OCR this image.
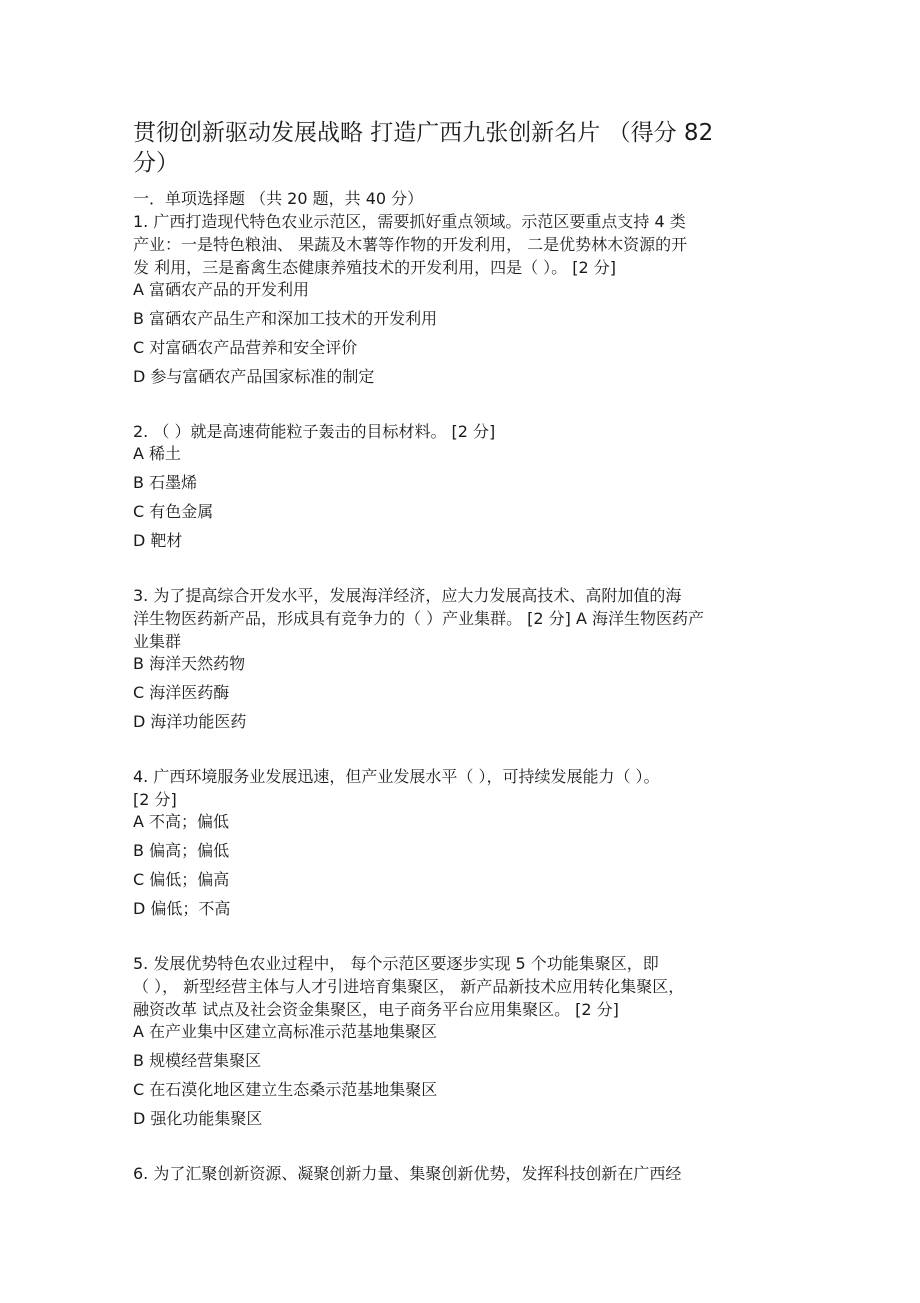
贯彻创新驱动发展战略 打造广西九张创新名片 （得分 82
分）
一．单项选择题 （共 20 题，共 40 分）
1. 广西打造现代特色农业示范区，需要抓好重点领域。示范区要重点支持 4 类
产业：一是特色粮油、 果蔬及木薯等作物的开发利用， 二是优势林木资源的开
发 利用，三是畜禽生态健康养殖技术的开发利用，四是（ ）。 [2 分]
A 富硒农产品的开发利用
B 富硒农产品生产和深加工技术的开发利用
C 对富硒农产品营养和安全评价
D 参与富硒农产品国家标准的制定
2. （ ）就是高速荷能粒子轰击的目标材料。 [2 分]
A 稀土
B 石墨烯
C 有色金属
D 靶材
3. 为了提高综合开发水平，发展海洋经济，应大力发展高技术、高附加值的海
洋生物医药新产品，形成具有竞争力的（ ）产业集群。 [2 分] A 海洋生物医药产
业集群
B 海洋天然药物
C 海洋医药酶
D 海洋功能医药
4. 广西环境服务业发展迅速，但产业发展水平（ ），可持续发展能力（ ）。
[2 分]
A 不高；偏低
B 偏高；偏低
C 偏低；偏高
D 偏低；不高
5. 发展优势特色农业过程中， 每个示范区要逐步实现 5 个功能集聚区，即
（ ）， 新型经营主体与人才引进培育集聚区， 新产品新技术应用转化集聚区，
融资改革 试点及社会资金集聚区，电子商务平台应用集聚区。 [2 分]
A 在产业集中区建立高标准示范基地集聚区
B 规模经营集聚区
C 在石漠化地区建立生态桑示范基地集聚区
D 强化功能集聚区
6. 为了汇聚创新资源、凝聚创新力量、集聚创新优势，发挥科技创新在广西经
